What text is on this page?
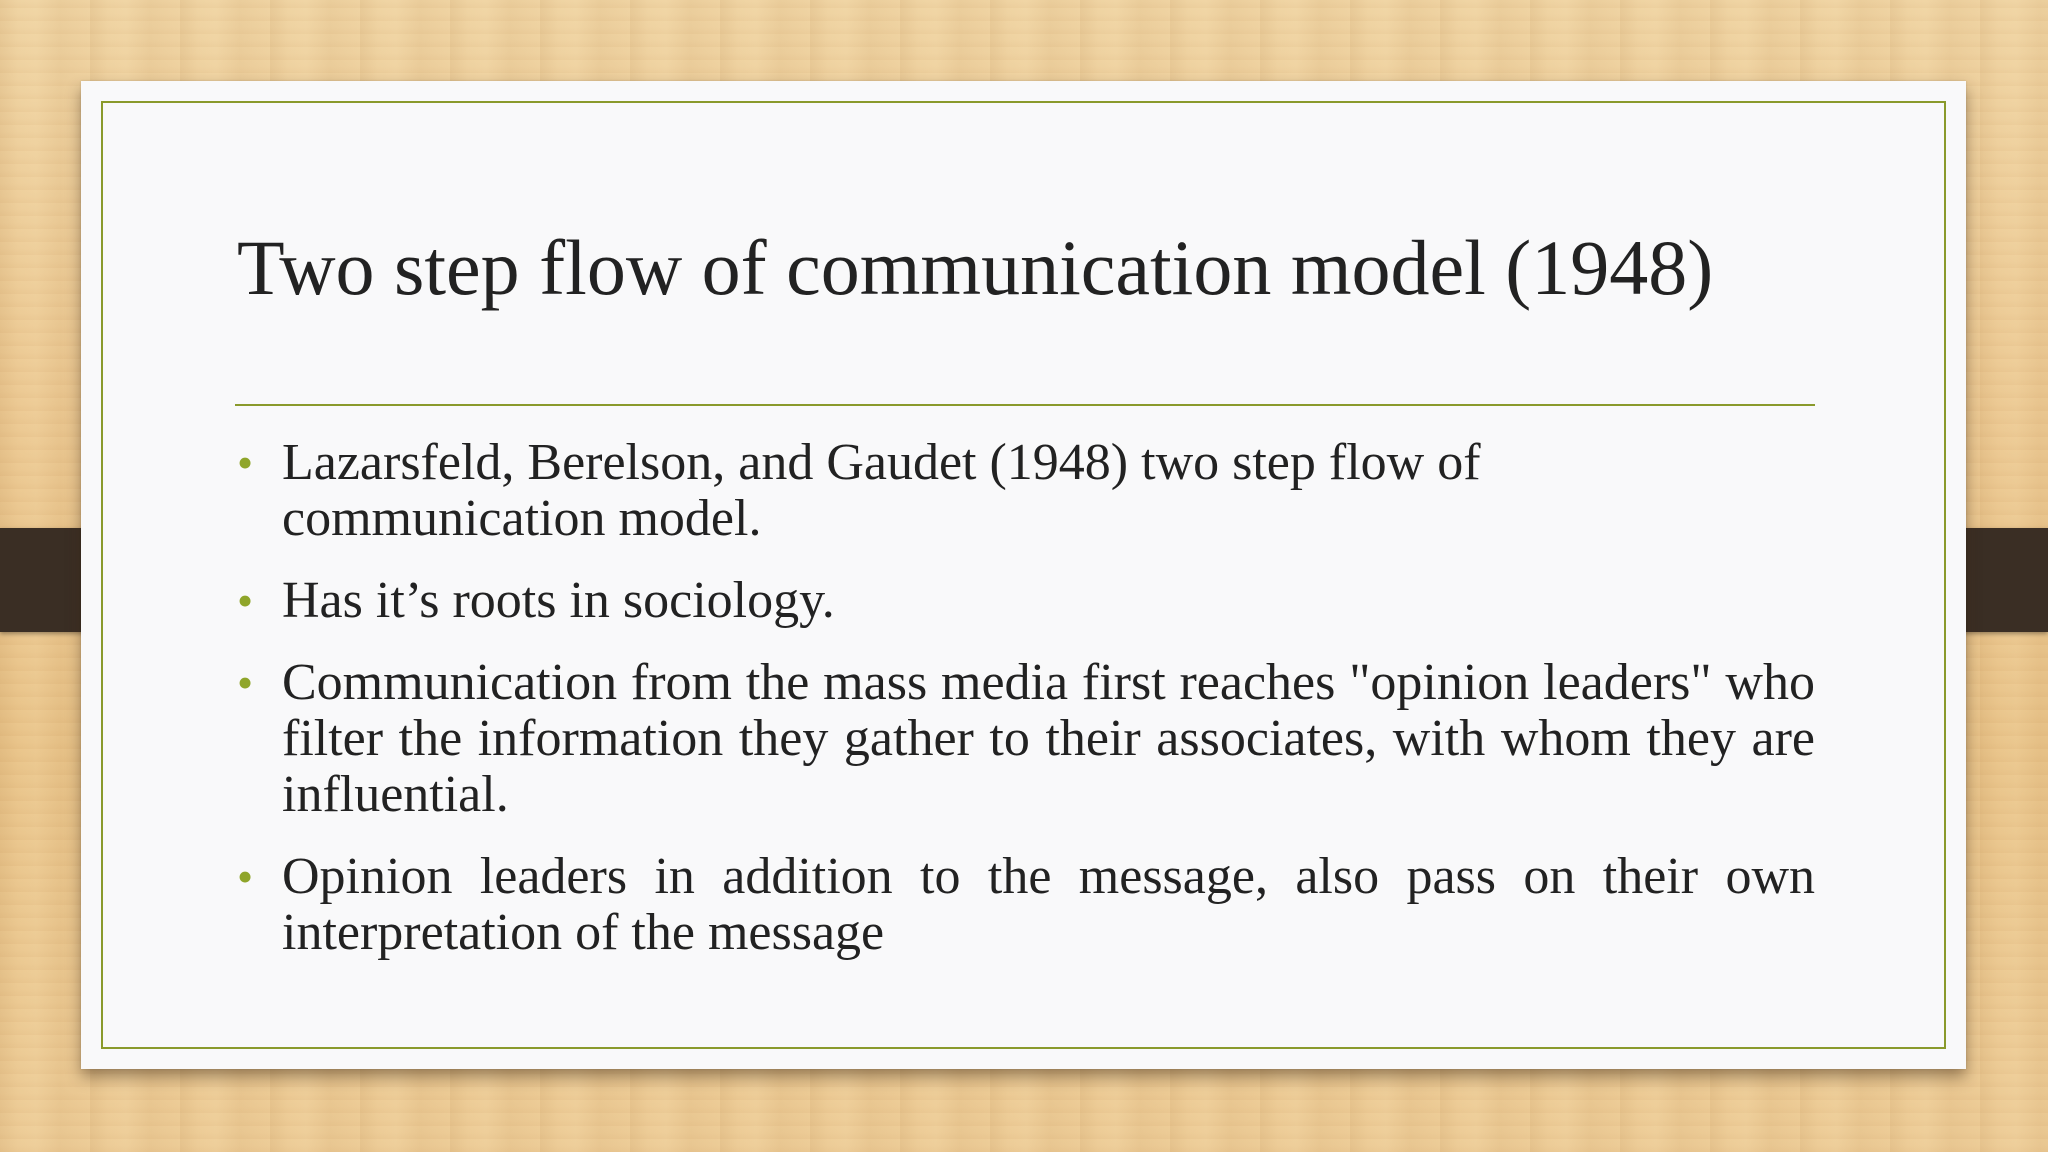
Two step flow of communication model (1948)
• Lazarsfeld, Berelson, and Gaudet (1948) two step flow of communication model.
• Has it’s roots in sociology.
• Communication from the mass media first reaches "opinion leaders" who filter the information they gather to their associates, with whom they are influential.
• Opinion leaders in addition to the message, also pass on their own interpretation of the message
